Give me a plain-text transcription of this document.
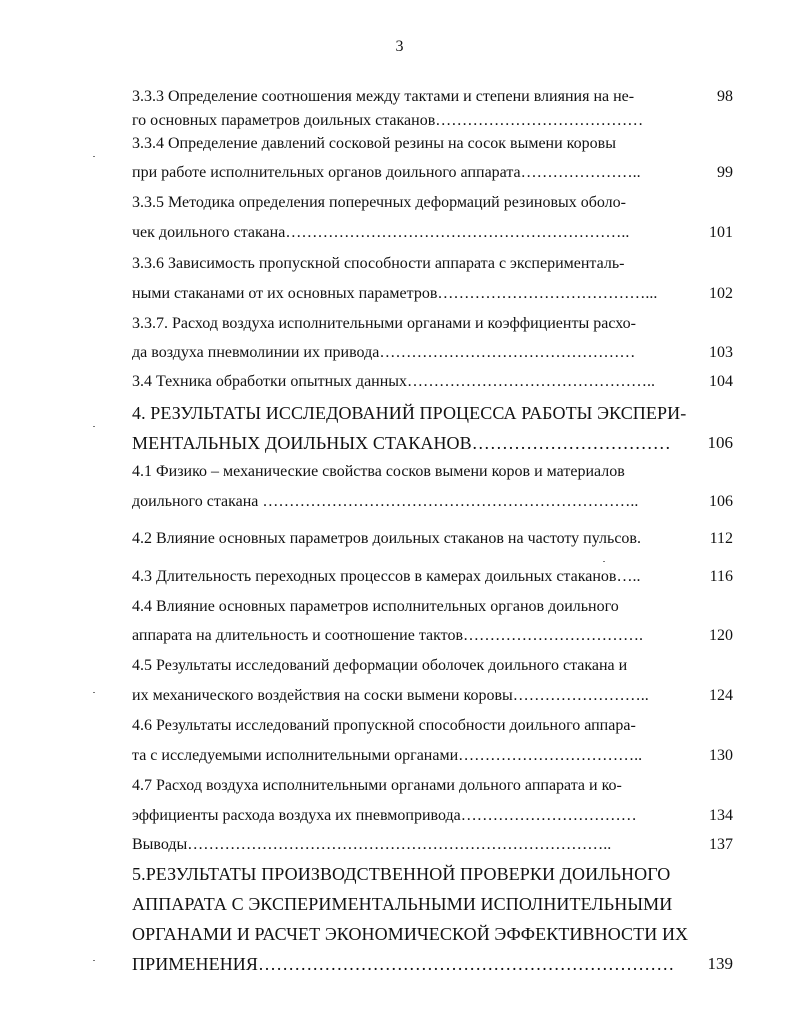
3
3.3.3 Определение соотношения между тактами и степени влияния на не-	98
го основных параметров доильных стаканов…………………………………
3.3.4 Определение давлений сосковой резины на сосок вымени коровы
при работе исполнительных органов доильного аппарата…………………..	99
3.3.5 Методика определения поперечных деформаций резиновых оболо-
чек доильного стакана………………………………………………………..	101
3.3.6 Зависимость пропускной способности аппарата с эксперименталь-
ными стаканами от их основных параметров…………………………………...	102
3.3.7. Расход воздуха исполнительными органами и коэффициенты расхо-
да воздуха пневмолинии их привода…………………………………………	103
3.4 Техника обработки опытных данных………………………………………..	104
4. РЕЗУЛЬТАТЫ ИССЛЕДОВАНИЙ ПРОЦЕССА РАБОТЫ ЭКСПЕРИ-
МЕНТАЛЬНЫХ ДОИЛЬНЫХ СТАКАНОВ……………………………	106
4.1 Физико – механические свойства сосков вымени коров и материалов
доильного стакана ……………………………………………………………..	106
4.2 Влияние основных параметров доильных стаканов на частоту пульсов.	112
4.3 Длительность переходных процессов в камерах доильных стаканов…..	116
4.4 Влияние основных параметров исполнительных органов доильного
аппарата на длительность и соотношение тактов…………………………….	120
4.5 Результаты исследований деформации оболочек доильного стакана и
их механического воздействия на соски вымени коровы……………………..	124
4.6 Результаты исследований пропускной способности доильного аппара-
та с исследуемыми исполнительными органами……………………………..	130
4.7 Расход воздуха исполнительными органами дольного аппарата и ко-
эффициенты расхода воздуха их пневмопривода……………………………	134
Выводы……………………………………………………………………..	137
5.РЕЗУЛЬТАТЫ ПРОИЗВОДСТВЕННОЙ ПРОВЕРКИ ДОИЛЬНОГО
АППАРАТА С ЭКСПЕРИМЕНТАЛЬНЫМИ ИСПОЛНИТЕЛЬНЫМИ
ОРГАНАМИ И РАСЧЕТ ЭКОНОМИЧЕСКОЙ ЭФФЕКТИВНОСТИ ИХ
ПРИМЕНЕНИЯ……………………………………………………………	139
